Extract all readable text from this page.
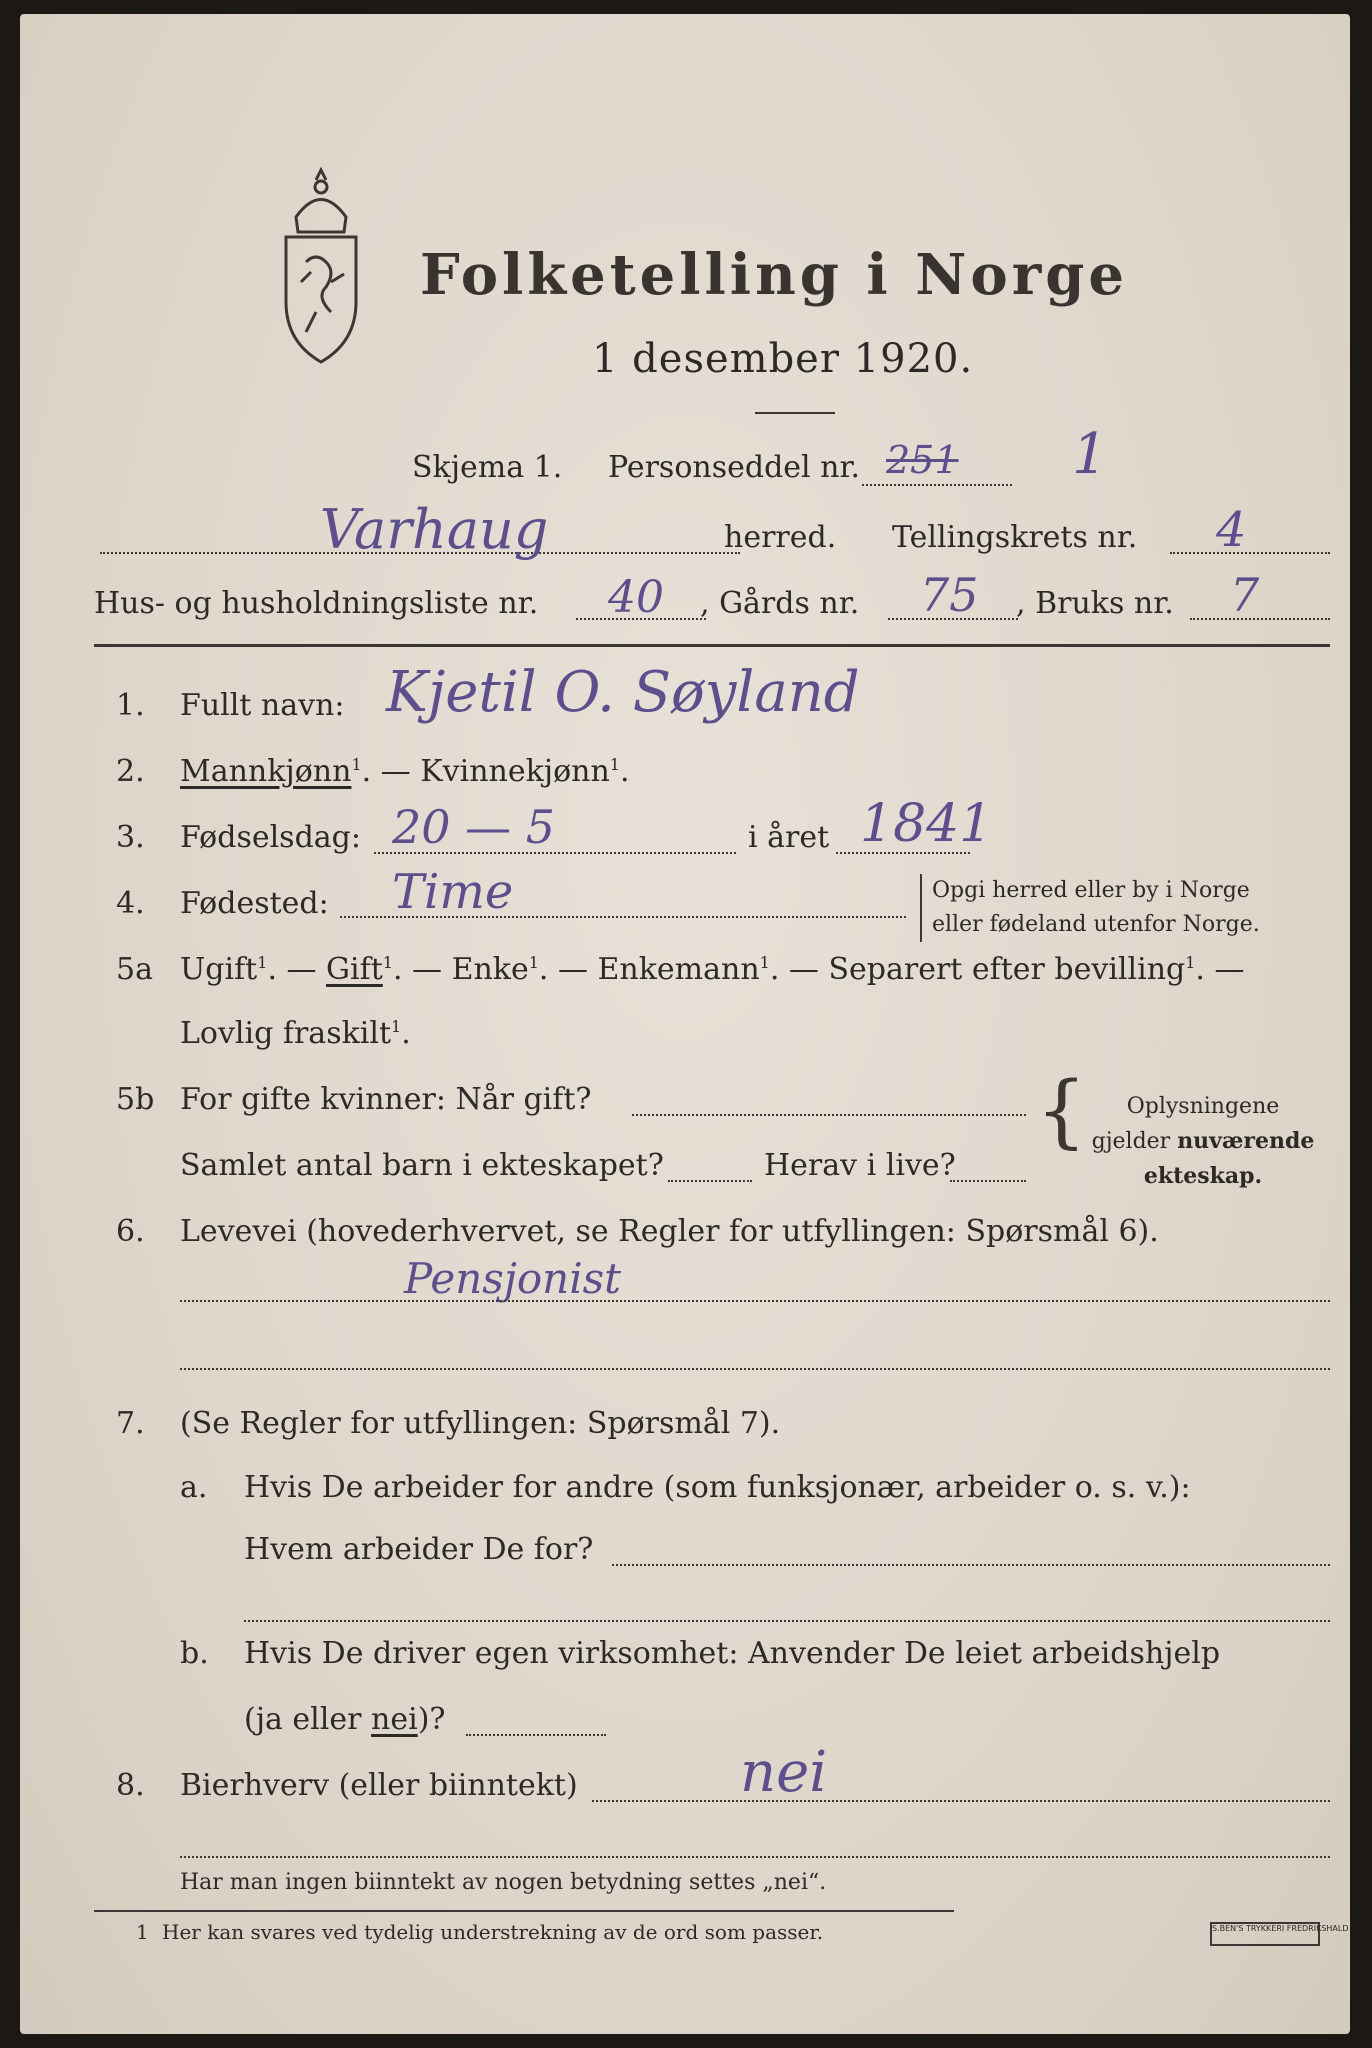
Folketelling i Norge
1 desember 1920.
Skjema 1. Personseddel nr. 251 1
Varhaug	herred. Tellingskrets nr. 4
Hus- og husholdningsliste nr. 40 , Gårds nr. 75 , Bruks nr. 7
1. Fullt navn: Kjetil O. Søyland
2. Mannkjønn$^1$. — Kvinnekjønn$^1$.
3. Fødselsdag: 20 — 5	i året 1841
4. Fødested: Time	Opgi herred eller by i Norge
eller fødeland utenfor Norge.
5a Ugift$^1$. — Gift$^1$. — Enke$^1$. — Enkemann$^1$. — Separert efter bevilling$^1$. —
Lovlig fraskilt$^1$.
5b For gifte kvinner: Når gift?
Samlet antal barn i ekteskapet?	Herav i live?
{	Oplysningene
gjelder nuværende
ekteskap.
6. Levevei (hovederhvervet, se Regler for utfyllingen: Spørsmål 6).
Pensjonist
7. (Se Regler for utfyllingen: Spørsmål 7).
a. Hvis De arbeider for andre (som funksjonær, arbeider o. s. v.):
Hvem arbeider De for?
b. Hvis De driver egen virksomhet: Anvender De leiet arbeidshjelp
(ja eller nei)?
8. Bierhverv (eller biinntekt)	nei
Har man ingen biinntekt av nogen betydning settes „nei“.
1 Her kan svares ved tydelig understrekning av de ord som passer.	S.BEN'S TRYKKERI FREDRIKSHALD
